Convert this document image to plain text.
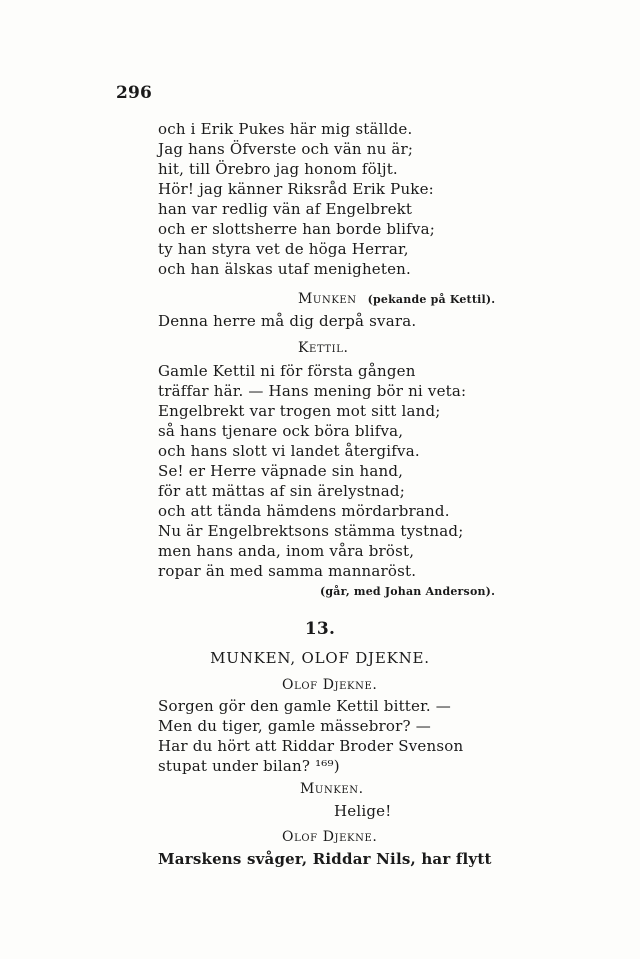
296
och i Erik Pukes här mig ställde.
Jag hans Öfverste och vän nu är;
hit, till Örebro jag honom följt.
Hör! jag känner Riksråd Erik Puke:
han var redlig vän af Engelbrekt
och er slottsherre han borde blifva;
ty han styra vet de höga Herrar,
och han älskas utaf menigheten.
Munken (pekande på Kettil).
Denna herre må dig derpå svara.
Kettil.
Gamle Kettil ni för första gången
träffar här. — Hans mening bör ni veta:
Engelbrekt var trogen mot sitt land;
så hans tjenare ock böra blifva,
och hans slott vi landet återgifva.
Se! er Herre väpnade sin hand,
för att mättas af sin ärelystnad;
och att tända hämdens mördarbrand.
Nu är Engelbrektsons stämma tystnad;
men hans anda, inom våra bröst,
ropar än med samma mannaröst.
(går, med Johan Anderson).
13.
MUNKEN, OLOF DJEKNE.
Olof Djekne.
Sorgen gör den gamle Kettil bitter. —
Men du tiger, gamle mässebror? —
Har du hört att Riddar Broder Svenson
stupat under bilan? ¹⁶⁹)
Munken.
Helige!
Olof Djekne.
Marskens svåger, Riddar Nils, har flytt
